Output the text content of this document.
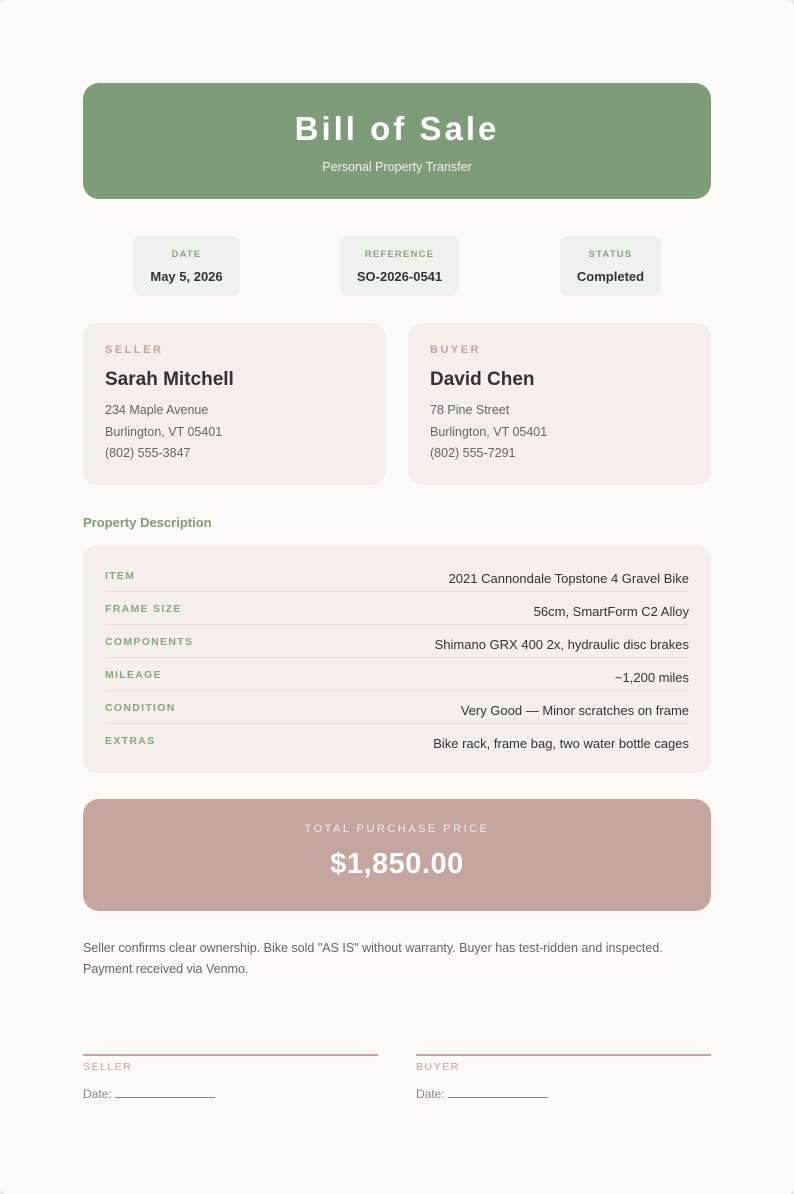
Bill of Sale
Personal Property Transfer
DATE
May 5, 2026
REFERENCE
SO-2026-0541
STATUS
Completed
SELLER
Sarah Mitchell
234 Maple Avenue
Burlington, VT 05401
(802) 555-3847
BUYER
David Chen
78 Pine Street
Burlington, VT 05401
(802) 555-7291
Property Description
ITEM	2021 Cannondale Topstone 4 Gravel Bike
FRAME SIZE	56cm, SmartForm C2 Alloy
COMPONENTS	Shimano GRX 400 2x, hydraulic disc brakes
MILEAGE	~1,200 miles
CONDITION	Very Good — Minor scratches on frame
EXTRAS	Bike rack, frame bag, two water bottle cages
TOTAL PURCHASE PRICE
$1,850.00
Seller confirms clear ownership. Bike sold "AS IS" without warranty. Buyer has test-ridden and inspected. Payment received via Venmo.
SELLER
Date:
BUYER
Date:
